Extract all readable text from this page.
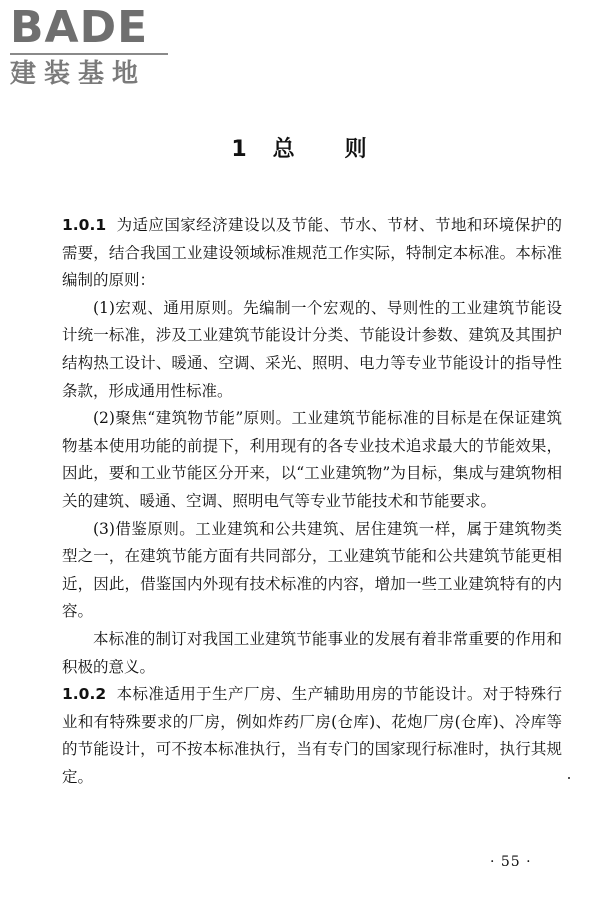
BADE
建装基地
1　总　　则

1.0.1 为适应国家经济建设以及节能、节水、节材、节地和环境保护的需要，结合我国工业建设领域标准规范工作实际，特制定本标准。本标准编制的原则：

(1)宏观、通用原则。先编制一个宏观的、导则性的工业建筑节能设计统一标准，涉及工业建筑节能设计分类、节能设计参数、建筑及其围护结构热工设计、暖通、空调、采光、照明、电力等专业节能设计的指导性条款，形成通用性标准。

(2)聚焦“建筑物节能”原则。工业建筑节能标准的目标是在保证建筑物基本使用功能的前提下，利用现有的各专业技术追求最大的节能效果，因此，要和工业节能区分开来，以“工业建筑物”为目标，集成与建筑物相关的建筑、暖通、空调、照明电气等专业节能技术和节能要求。

(3)借鉴原则。工业建筑和公共建筑、居住建筑一样，属于建筑物类型之一，在建筑节能方面有共同部分，工业建筑节能和公共建筑节能更相近，因此，借鉴国内外现有技术标准的内容，增加一些工业建筑特有的内容。

本标准的制订对我国工业建筑节能事业的发展有着非常重要的作用和积极的意义。

1.0.2 本标准适用于生产厂房、生产辅助用房的节能设计。对于特殊行业和有特殊要求的厂房，例如炸药厂房(仓库)、花炮厂房(仓库)、冷库等的节能设计，可不按本标准执行，当有专门的国家现行标准时，执行其规定。

· 55 ·
